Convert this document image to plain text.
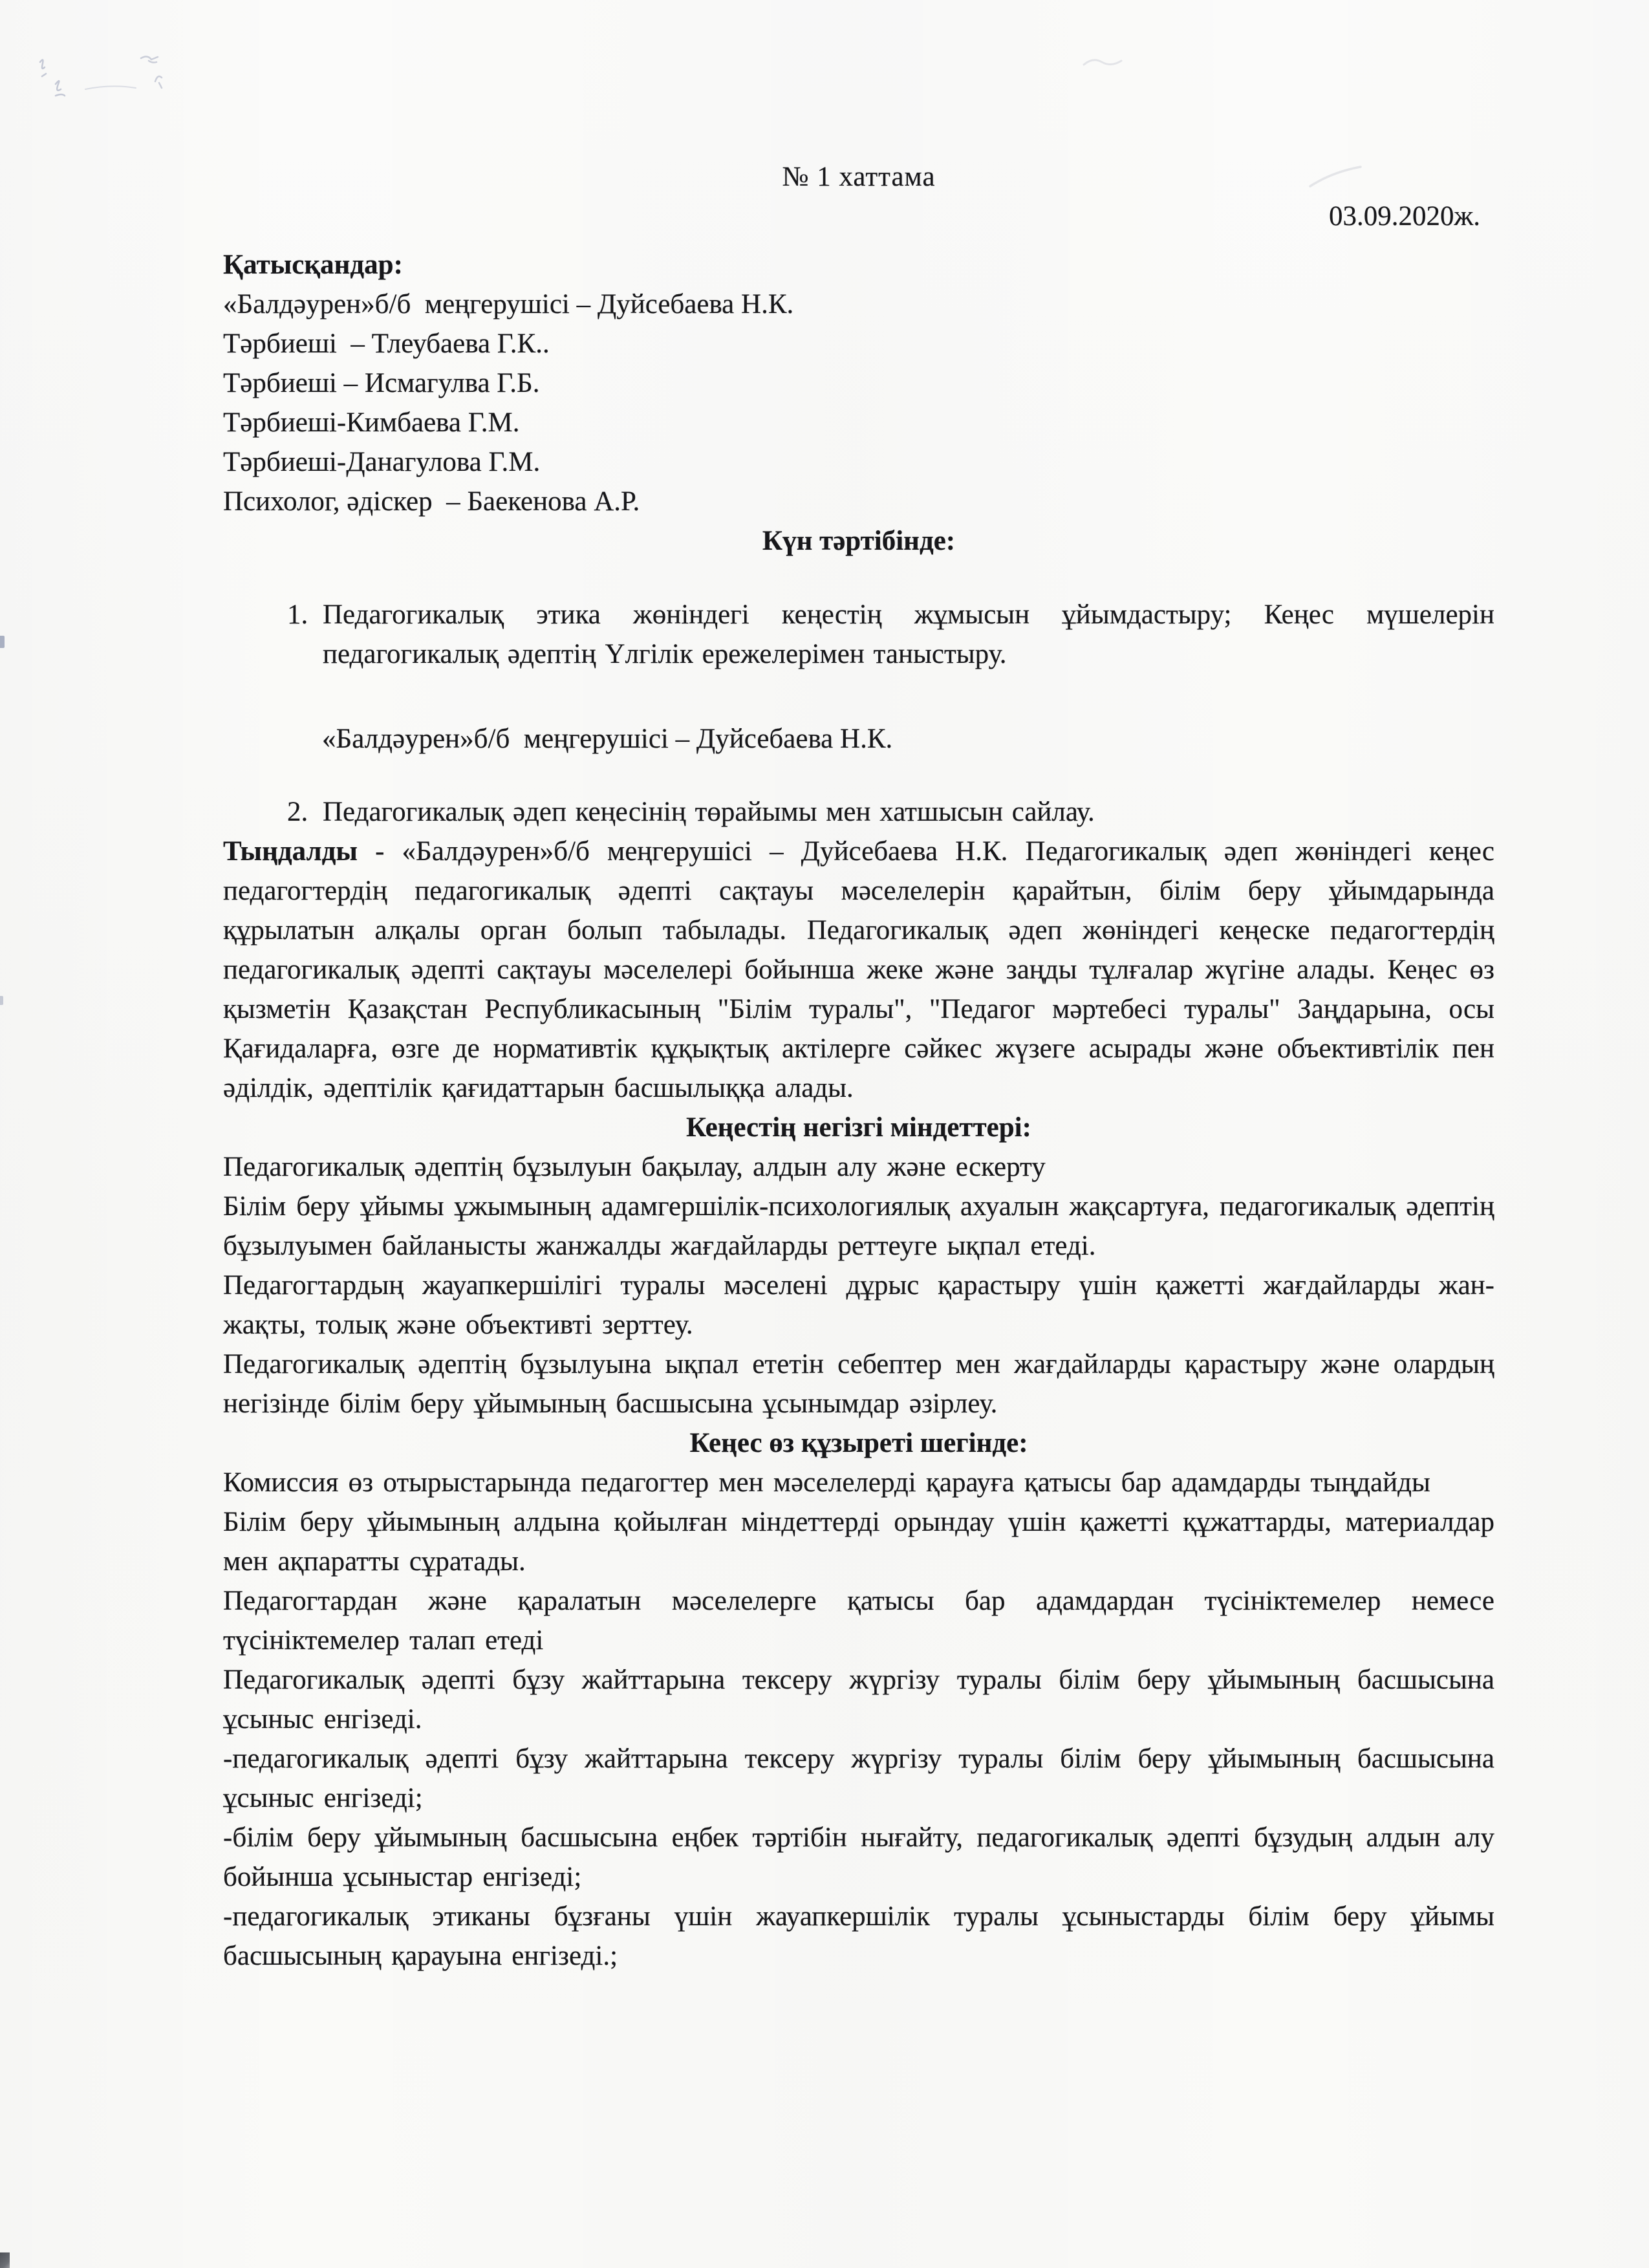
№ 1 хаттама
03.09.2020ж.
Қатысқандар:
«Балдәурен»б/б  меңгерушісі – Дуйсебаева Н.К.
Тәрбиеші  – Тлеубаева Г.К..
Тәрбиеші – Исмагулва Г.Б.
Тәрбиеші-Кимбаева Г.М.
Тәрбиеші-Данагулова Г.М.
Психолог, әдіскер  – Баекенова А.Р.
Күн тәртібінде:
1. Педагогикалық этика жөніндегі кеңестің жұмысын ұйымдастыру; Кеңес мүшелерін педагогикалық әдептің Үлгілік ережелерімен таныстыру.
«Балдәурен»б/б  меңгерушісі – Дуйсебаева Н.К.
2. Педагогикалық әдеп кеңесінің төрайымы мен хатшысын сайлау.

Тыңдалды - «Балдәурен»б/б меңгерушісі – Дуйсебаева Н.К. Педагогикалық әдеп жөніндегі кеңес педагогтердің педагогикалық әдепті сақтауы мәселелерін қарайтын, білім беру ұйымдарында құрылатын алқалы орган болып табылады. Педагогикалық әдеп жөніндегі кеңеске педагогтердің педагогикалық әдепті сақтауы мәселелері бойынша жеке және заңды тұлғалар жүгіне алады. Кеңес өз қызметін Қазақстан Республикасының "Білім туралы", "Педагог мәртебесі туралы" Заңдарына, осы Қағидаларға, өзге де нормативтік құқықтық актілерге сәйкес жүзеге асырады және объективтілік пен әділдік, әдептілік қағидаттарын басшылыққа алады.

Кеңестің негізгі міндеттері:

Педагогикалық әдептің бұзылуын бақылау, алдын алу және ескерту

Білім беру ұйымы ұжымының адамгершілік-психологиялық ахуалын жақсартуға, педагогикалық әдептің бұзылуымен байланысты жанжалды жағдайларды реттеуге ықпал етеді.

Педагогтардың жауапкершілігі туралы мәселені дұрыс қарастыру үшін қажетті жағдайларды жан-жақты, толық және объективті зерттеу.

Педагогикалық әдептің бұзылуына ықпал ететін себептер мен жағдайларды қарастыру және олардың негізінде білім беру ұйымының басшысына ұсынымдар әзірлеу.

Кеңес өз құзыреті шегінде:

Комиссия өз отырыстарында педагогтер мен мәселелерді қарауға қатысы бар адамдарды тыңдайды

Білім беру ұйымының алдына қойылған міндеттерді орындау үшін қажетті құжаттарды, материалдар мен ақпаратты сұратады.

Педагогтардан және қаралатын мәселелерге қатысы бар адамдардан түсініктемелер немесе түсініктемелер талап етеді

Педагогикалық әдепті бұзу жайттарына тексеру жүргізу туралы білім беру ұйымының басшысына ұсыныс енгізеді.

-педагогикалық әдепті бұзу жайттарына тексеру жүргізу туралы білім беру ұйымының басшысына ұсыныс енгізеді;

-білім беру ұйымының басшысына еңбек тәртібін нығайту, педагогикалық әдепті бұзудың алдын алу бойынша ұсыныстар енгізеді;

-педагогикалық этиканы бұзғаны үшін жауапкершілік туралы ұсыныстарды білім беру ұйымы басшысының қарауына енгізеді.;
